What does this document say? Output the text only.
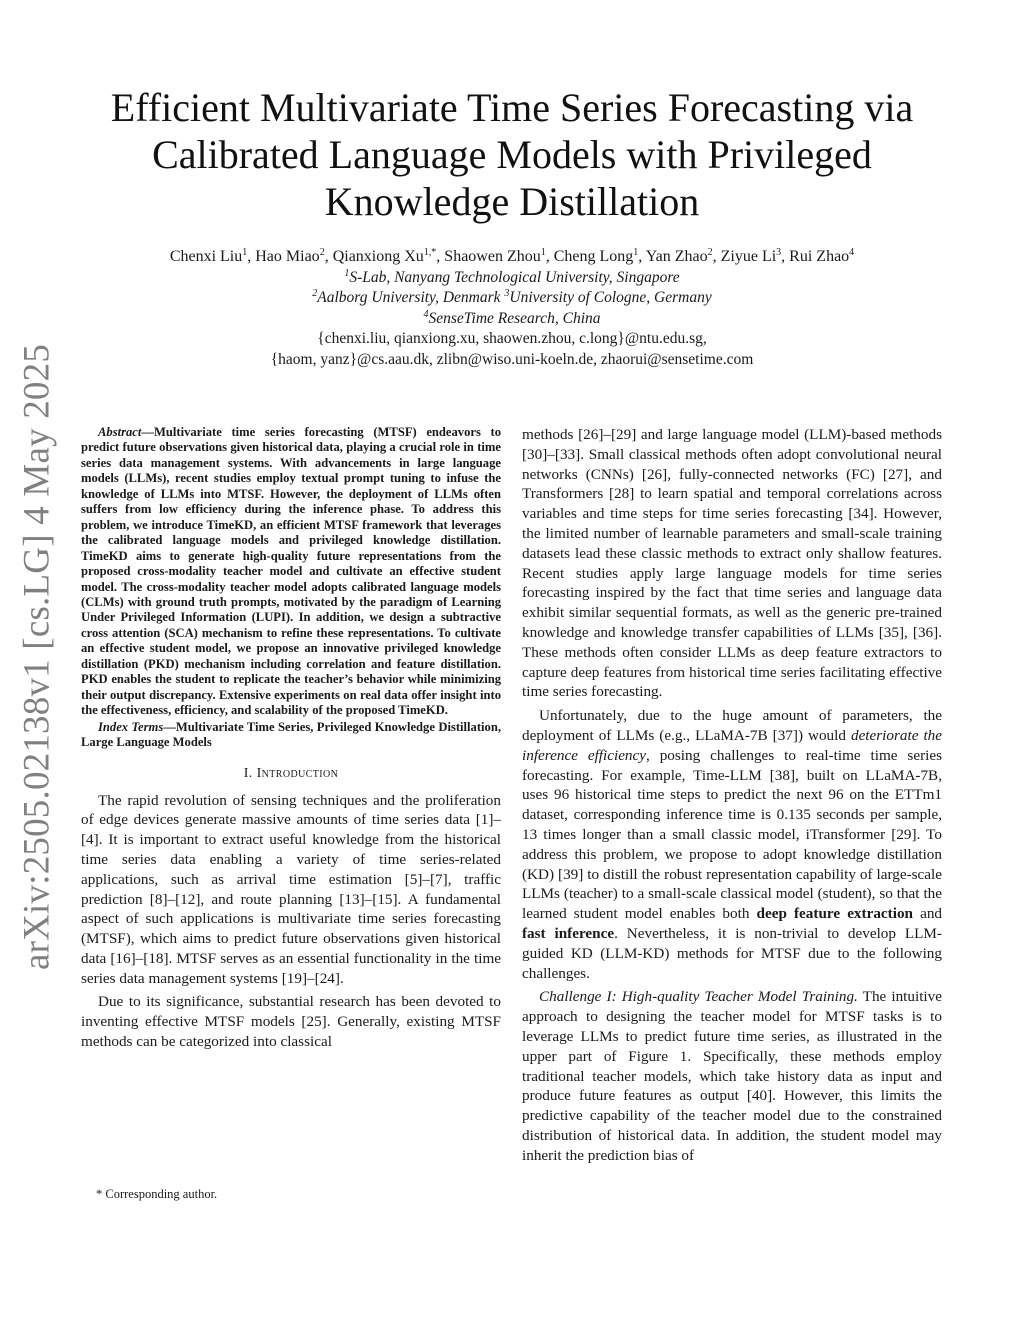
arXiv:2505.02138v1 [cs.LG] 4 May 2025
Efficient Multivariate Time Series Forecasting via
Calibrated Language Models with Privileged
Knowledge Distillation
Chenxi Liu$^1$, Hao Miao$^2$, Qianxiong $Xu^{1,*}$, Shaowen Zhou$^1$, Cheng Long$^1$, Yan Zhao$^2$, Ziyue Li$^3$, Rui Zhao$^4$
$^1$S-Lab, Nanyang Technological University, Singapore
$^2$Aalborg University, Denmark $^3$University of Cologne, Germany
$^4$SenseTime Research, China
{chenxi.liu, qianxiong.xu, shaowen.zhou, c.long}@ntu.edu.sg,
{haom, yanz}@cs.aau.dk, zlibn@wiso.uni-koeln.de, zhaorui@sensetime.com

Abstract—Multivariate time series forecasting (MTSF) endeavors to predict future observations given historical data, playing a crucial role in time series data management systems. With advancements in large language models (LLMs), recent studies employ textual prompt tuning to infuse the knowledge of LLMs into MTSF. However, the deployment of LLMs often suffers from low efficiency during the inference phase. To address this problem, we introduce TimeKD, an efficient MTSF framework that leverages the calibrated language models and privileged knowledge distillation. TimeKD aims to generate high-quality future representations from the proposed cross-modality teacher model and cultivate an effective student model. The cross-modality teacher model adopts calibrated language models (CLMs) with ground truth prompts, motivated by the paradigm of Learning Under Privileged Information (LUPI). In addition, we design a subtractive cross attention (SCA) mechanism to refine these representations. To cultivate an effective student model, we propose an innovative privileged knowledge distillation (PKD) mechanism including correlation and feature distillation. PKD enables the student to replicate the teacher’s behavior while minimizing their output discrepancy. Extensive experiments on real data offer insight into the effectiveness, efficiency, and scalability of the proposed TimeKD.

Index Terms—Multivariate Time Series, Privileged Knowledge Distillation, Large Language Models

I. Introduction

The rapid revolution of sensing techniques and the proliferation of edge devices generate massive amounts of time series data [1]–[4]. It is important to extract useful knowledge from the historical time series data enabling a variety of time series-related applications, such as arrival time estimation [5]–[7], traffic prediction [8]–[12], and route planning [13]–[15]. A fundamental aspect of such applications is multivariate time series forecasting (MTSF), which aims to predict future observations given historical data [16]–[18]. MTSF serves as an essential functionality in the time series data management systems [19]–[24].

Due to its significance, substantial research has been devoted to inventing effective MTSF models [25]. Generally, existing MTSF methods can be categorized into classical

methods [26]–[29] and large language model (LLM)-based methods [30]–[33]. Small classical methods often adopt convolutional neural networks (CNNs) [26], fully-connected networks (FC) [27], and Transformers [28] to learn spatial and temporal correlations across variables and time steps for time series forecasting [34]. However, the limited number of learnable parameters and small-scale training datasets lead these classic methods to extract only shallow features. Recent studies apply large language models for time series forecasting inspired by the fact that time series and language data exhibit similar sequential formats, as well as the generic pre-trained knowledge and knowledge transfer capabilities of LLMs [35], [36]. These methods often consider LLMs as deep feature extractors to capture deep features from historical time series facilitating effective time series forecasting.

Unfortunately, due to the huge amount of parameters, the deployment of LLMs (e.g., LLaMA-7B [37]) would deteriorate the inference efficiency, posing challenges to real-time time series forecasting. For example, Time-LLM [38], built on LLaMA-7B, uses 96 historical time steps to predict the next 96 on the ETTm1 dataset, corresponding inference time is 0.135 seconds per sample, 13 times longer than a small classic model, iTransformer [29]. To address this problem, we propose to adopt knowledge distillation (KD) [39] to distill the robust representation capability of large-scale LLMs (teacher) to a small-scale classical model (student), so that the learned student model enables both deep feature extraction and fast inference. Nevertheless, it is non-trivial to develop LLM-guided KD (LLM-KD) methods for MTSF due to the following challenges.

Challenge I: High-quality Teacher Model Training. The intuitive approach to designing the teacher model for MTSF tasks is to leverage LLMs to predict future time series, as illustrated in the upper part of Figure 1. Specifically, these methods employ traditional teacher models, which take history data as input and produce future features as output [40]. However, this limits the predictive capability of the teacher model due to the constrained distribution of historical data. In addition, the student model may inherit the prediction bias of

* Corresponding author.
